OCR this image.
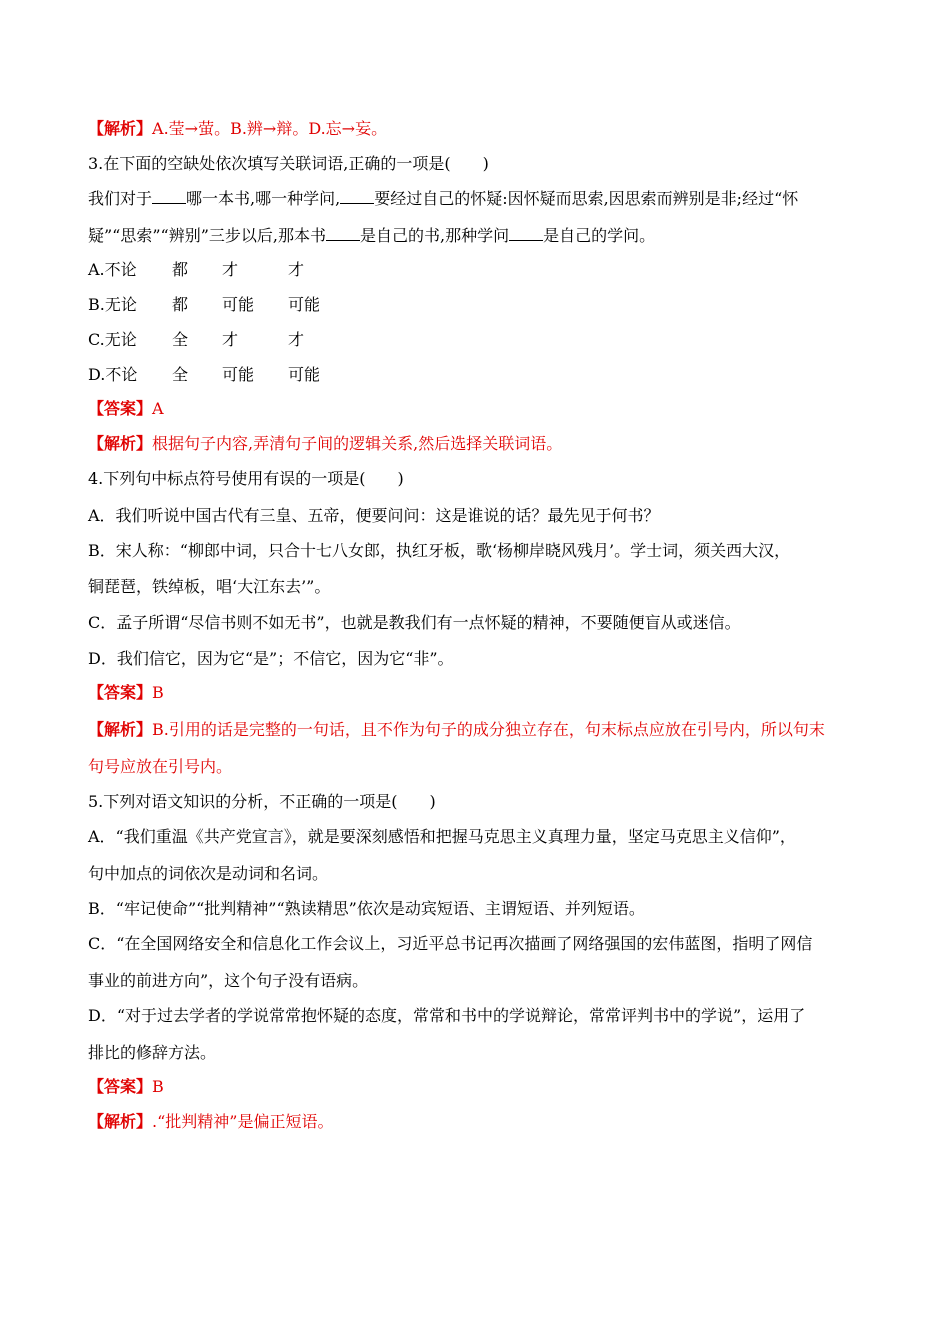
【解析】A.莹→萤。B.辨→辩。D.忘→妄。
3.在下面的空缺处依次填写关联词语,正确的一项是(　　)
我们对于 哪一本书,哪一种学问, 要经过自己的怀疑:因怀疑而思索,因思索而辨别是非;经过“怀
疑”“思索”“辨别”三步以后,那本书 是自己的书,那种学问 是自己的学问。
A.不论 都 才	才
B.无论 都 可能 可能
C.无论 全 才	才
D.不论 全 可能 可能
【答案】A
【解析】根据句子内容,弄清句子间的逻辑关系,然后选择关联词语。
4.下列句中标点符号使用有误的一项是(　　)
A．我们听说中国古代有三皇、五帝，便要问问：这是谁说的话？最先见于何书？
B．宋人称：“柳郎中词，只合十七八女郎，执红牙板，歌‘杨柳岸晓风残月’。学士词，须关西大汉，
铜琵琶，铁绰板，唱‘大江东去’”。
C．孟子所谓“尽信书则不如无书”，也就是教我们有一点怀疑的精神，不要随便盲从或迷信。
D．我们信它，因为它“是”；不信它，因为它“非”。
【答案】B
【解析】B.引用的话是完整的一句话，且不作为句子的成分独立存在，句末标点应放在引号内，所以句末
句号应放在引号内。
5.下列对语文知识的分析，不正确的一项是(　　)
A．“我们重温《共产党宣言》，就是要深刻感悟和把握马克思主义真理力量，坚定马克思主义信仰”，
句中加点的词依次是动词和名词。
B．“牢记使命”“批判精神”“熟读精思”依次是动宾短语、主谓短语、并列短语。
C．“在全国网络安全和信息化工作会议上，习近平总书记再次描画了网络强国的宏伟蓝图，指明了网信
事业的前进方向”，这个句子没有语病。
D．“对于过去学者的学说常常抱怀疑的态度，常常和书中的学说辩论，常常评判书中的学说”，运用了
排比的修辞方法。
【答案】B
【解析】.“批判精神”是偏正短语。
